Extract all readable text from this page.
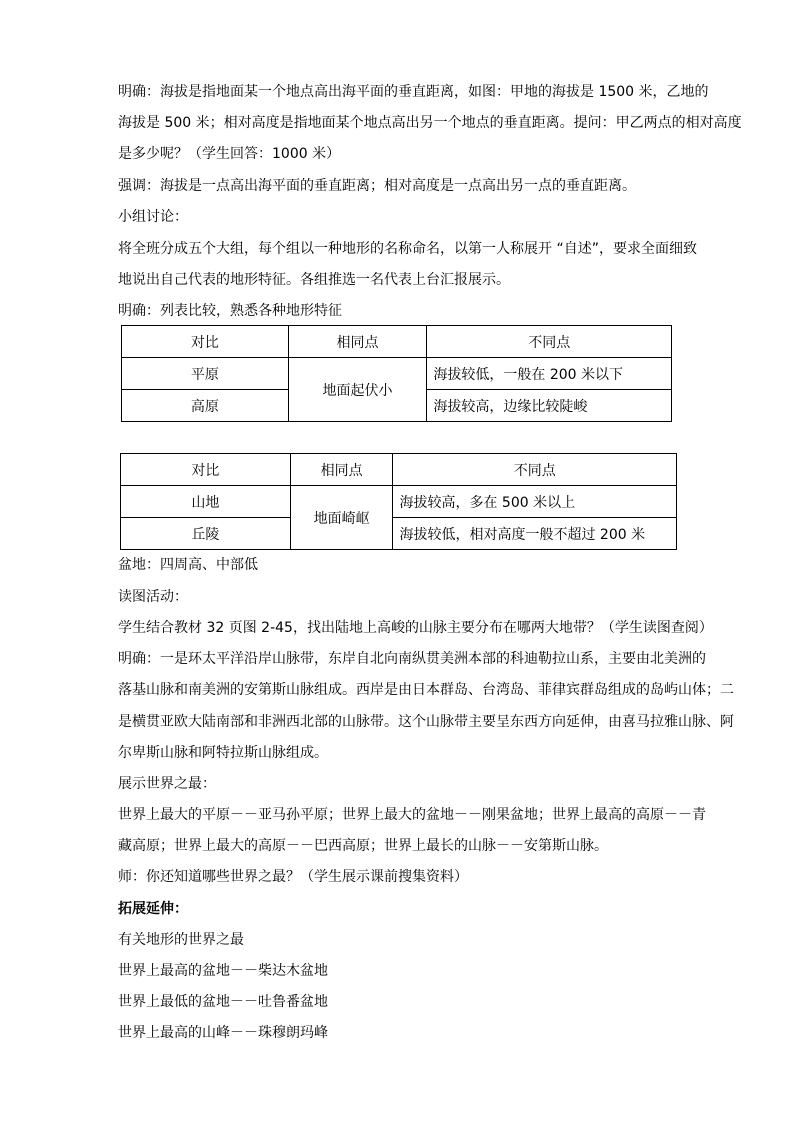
明确：海拔是指地面某一个地点高出海平面的垂直距离，如图：甲地的海拔是 1500 米，乙地的
海拔是 500 米；相对高度是指地面某个地点高出另一个地点的垂直距离。提问：甲乙两点的相对高度
是多少呢？（学生回答：1000 米）
强调：海拔是一点高出海平面的垂直距离；相对高度是一点高出另一点的垂直距离。
小组讨论：
将全班分成五个大组，每个组以一种地形的名称命名，以第一人称展开 “自述”，要求全面细致
地说出自己代表的地形特征。各组推选一名代表上台汇报展示。
明确：列表比较，熟悉各种地形特征
对比	相同点	不同点
平原	地面起伏小	海拔较低，一般在 200 米以下
高原		海拔较高，边缘比较陡峻
对比	相同点	不同点
山地	地面崎岖	海拔较高，多在 500 米以上
丘陵		海拔较低，相对高度一般不超过 200 米
盆地：四周高、中部低
读图活动：
学生结合教材 32 页图 2-45，找出陆地上高峻的山脉主要分布在哪两大地带？（学生读图查阅）
明确：一是环太平洋沿岸山脉带，东岸自北向南纵贯美洲本部的科迪勒拉山系，主要由北美洲的
落基山脉和南美洲的安第斯山脉组成。西岸是由日本群岛、台湾岛、菲律宾群岛组成的岛屿山体；二
是横贯亚欧大陆南部和非洲西北部的山脉带。这个山脉带主要呈东西方向延伸，由喜马拉雅山脉、阿
尔卑斯山脉和阿特拉斯山脉组成。
展示世界之最：
世界上最大的平原－－亚马孙平原；世界上最大的盆地－－刚果盆地；世界上最高的高原－－青
藏高原；世界上最大的高原－－巴西高原；世界上最长的山脉－－安第斯山脉。
师：你还知道哪些世界之最？（学生展示课前搜集资料）
拓展延伸：
有关地形的世界之最
世界上最高的盆地－－柴达木盆地
世界上最低的盆地－－吐鲁番盆地
世界上最高的山峰－－珠穆朗玛峰
